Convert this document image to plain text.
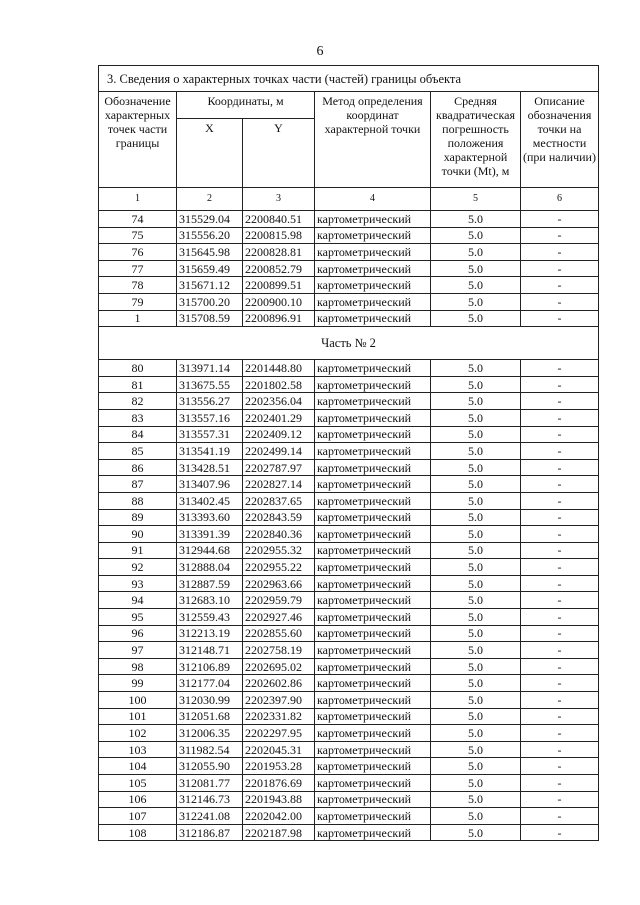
6
3. Сведения о характерных точках части (частей) границы объекта					
Обозначение характерных точек части границы	Координаты, м		Метод определения координат характерной точки	Средняя квадратическая погрешность положения характерной точки (Mt), м	Описание обозначения точки на местности (при наличии)
	X	Y			
1	2	3	4	5	6
74	315529.04	2200840.51	картометрический	5.0	-
75	315556.20	2200815.98	картометрический	5.0	-
76	315645.98	2200828.81	картометрический	5.0	-
77	315659.49	2200852.79	картометрический	5.0	-
78	315671.12	2200899.51	картометрический	5.0	-
79	315700.20	2200900.10	картометрический	5.0	-
1	315708.59	2200896.91	картометрический	5.0	-
Часть № 2					
80	313971.14	2201448.80	картометрический	5.0	-
81	313675.55	2201802.58	картометрический	5.0	-
82	313556.27	2202356.04	картометрический	5.0	-
83	313557.16	2202401.29	картометрический	5.0	-
84	313557.31	2202409.12	картометрический	5.0	-
85	313541.19	2202499.14	картометрический	5.0	-
86	313428.51	2202787.97	картометрический	5.0	-
87	313407.96	2202827.14	картометрический	5.0	-
88	313402.45	2202837.65	картометрический	5.0	-
89	313393.60	2202843.59	картометрический	5.0	-
90	313391.39	2202840.36	картометрический	5.0	-
91	312944.68	2202955.32	картометрический	5.0	-
92	312888.04	2202955.22	картометрический	5.0	-
93	312887.59	2202963.66	картометрический	5.0	-
94	312683.10	2202959.79	картометрический	5.0	-
95	312559.43	2202927.46	картометрический	5.0	-
96	312213.19	2202855.60	картометрический	5.0	-
97	312148.71	2202758.19	картометрический	5.0	-
98	312106.89	2202695.02	картометрический	5.0	-
99	312177.04	2202602.86	картометрический	5.0	-
100	312030.99	2202397.90	картометрический	5.0	-
101	312051.68	2202331.82	картометрический	5.0	-
102	312006.35	2202297.95	картометрический	5.0	-
103	311982.54	2202045.31	картометрический	5.0	-
104	312055.90	2201953.28	картометрический	5.0	-
105	312081.77	2201876.69	картометрический	5.0	-
106	312146.73	2201943.88	картометрический	5.0	-
107	312241.08	2202042.00	картометрический	5.0	-
108	312186.87	2202187.98	картометрический	5.0	-
